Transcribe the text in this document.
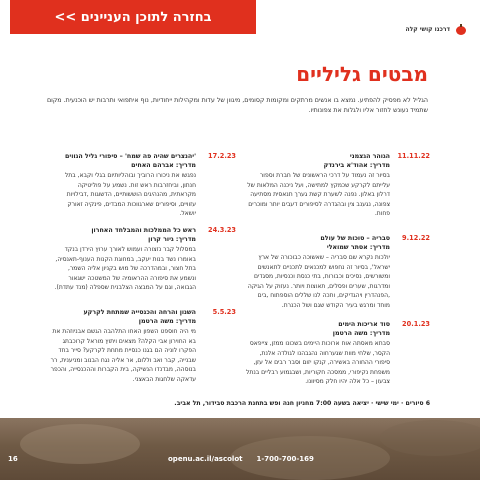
בחזרה לתוכן העניינים >>
דרכנו קושי קלה
מבטים גליליים
הגליל לא מפסיק להפתיע. נמצא בו אנשים מרתקים ומקומות קסומים, מיגוון של עדות ומקהילות ייחודיות, נוף איתפואי ותרבות יש הוכנעית. מקום שתמיד נעונש לחזור אליו ולגלות את צפונותיו.
11.11.22
הגוהר הגצמני
מדריך: אהוד'א בירנדק
בסיור זה נעמוד על דרכי הראשונים של חברת וספור עלייתם לקרקע שכמקץ למתישה, ועל ניכנה המלאות של דרלון באלון. נפנה לשערת קשת גערך תנאסית מסתיעה צפונה, נגענב צין ובהגדרה לסיפורים דעבים יותר ומוכרים פחות.
9.12.22
סבריה – סוכות של עולם
מדריך: אסתר שמואלי
יולכות נקרא שם סבריה – שאשוכה כבוכורה של ארץ ישראל', בסיור זה נחפוש למכנאים לתכניים לתאנשים ומשורשים, נסיכים וכבורות, בתי כנסת וכנסיות, מסגדים ומדרגות, שערים ופסלים, תאוצות ויותר. נעזוק על הגיקה ,הפנהדרין ויהגדיקים, ותכה לנו שללים הוספתוח ,בים מוחד ומרגש בעיר הקודש שגם ושל הכנרת.
20.1.23
סוד אריכות הימים
מדריך: משה הרטמן
סבתא מאסתה אוח ארוכות היימים בשכונו ממזן, צייפאס הקסר, שלחי מוות שגערחוה נהגבהנו לגולדה אלנת, סיפורי ההחורה באשירה, קנקו יזום וסבר רבים אל עזן, משפחת נקיפורי, ממסכה חקוריות, ושבגמוע רבליים בנתל צבעון – כל אלה יהיו חלק מסיוונו.
17.2.23
'יהנצרים שהיה פה שמח' – סיפורי גליל הגווים
מדריך: אברהם האחים
נפגשו את ניכורו הרוביך ובוהליותיום בגלי וקבא, בתל חנתון, וביחזרבות ראש זות. נשמע על פוליטיקה מקראתית, מהנהיגים הוששותיים, הדשוגות ,דבילויות עזוויים, וסיפורים שארגווכות המבדים, פינקיה זאורק יושאל.
24.3.23
ראש כל הממלכות והמבלחד האחרון
מדריך: גיור קרון
במסלול קבר נזצורה ועמוש לאורך ערוץ הירדן בנקד באומרו נשד בנות יעקב, במחוגת הקנות הענוף-תאנסיה, בתל חצור, ובמהדרכה של מוש בקניון אליה השמר, ונשמע את סיפורה ההראומיה של המשטכה ישגאור הגבואה, וגם על המבצה הצלבנית שספלה (מנד עתדת).
5.5.23
השנון והרחה והכנסייה שמתחת לקרקע
מדריך: משה הרטמן
מי היה חוספט השפון האחו התלהבה הגשם אבניוזהת את בא החוירון אבי הקלה? מצאים ויתוץ מוראל קרוכבתג הפקרו לוניה הם בגנו כנסיית מתחת לקרקע? סייר בחד שבנייה, קבר ואב וללום, אר אליה נגח הבנוב ומניענית, רר בנוסהה, מבדנדו הנשיקה, בית הקברות וההכנסייה, והכפר עדאקה שלחגות הבאצני.
6 סיורים · ימי שישי · יציאה בשעה 7:00 מחניון חנה ופש בתחנת הרכבת סבידור, תל אביב.
16	openu.ac.il/ascolot 1-700-700-169
